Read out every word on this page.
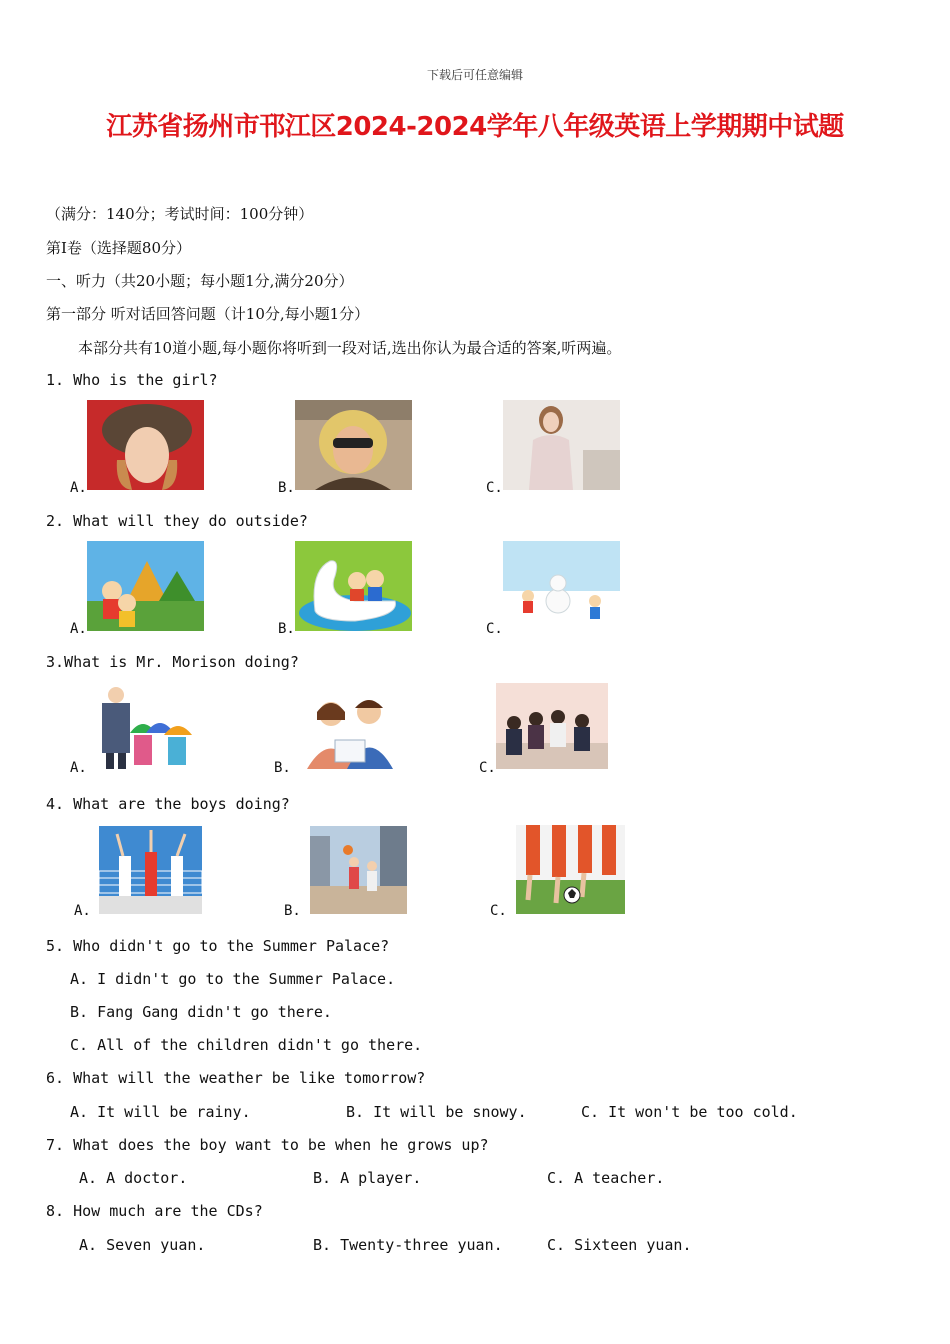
下载后可任意编辑
江苏省扬州市邗江区2024-2024学年八年级英语上学期期中试题
（满分：140分；考试时间：100分钟）
第Ⅰ卷（选择题80分）
一、听力（共20小题；每小题1分,满分20分）
第一部分 听对话回答问题（计10分,每小题1分）
本部分共有10道小题,每小题你将听到一段对话,选出你认为最合适的答案,听两遍。
1. Who is the girl?
A.	B.	C.
2. What will they do outside?
A.	B.	C.
3.What is Mr. Morison doing?
A.	B.	C.
4. What are the boys doing?
A.	B.	C.
5. Who didn't go to the Summer Palace?
A. I didn't go to the Summer Palace.
B. Fang Gang didn't go there.
C. All of the children didn't go there.
6. What will the weather be like tomorrow?
A. It will be rainy.	B. It will be snowy.	C. It won't be too cold.
7. What does the boy want to be when he grows up?
A. A doctor.	B. A player.	C. A teacher.
8. How much are the CDs?
A. Seven yuan.	B. Twenty-three yuan.	C. Sixteen yuan.
